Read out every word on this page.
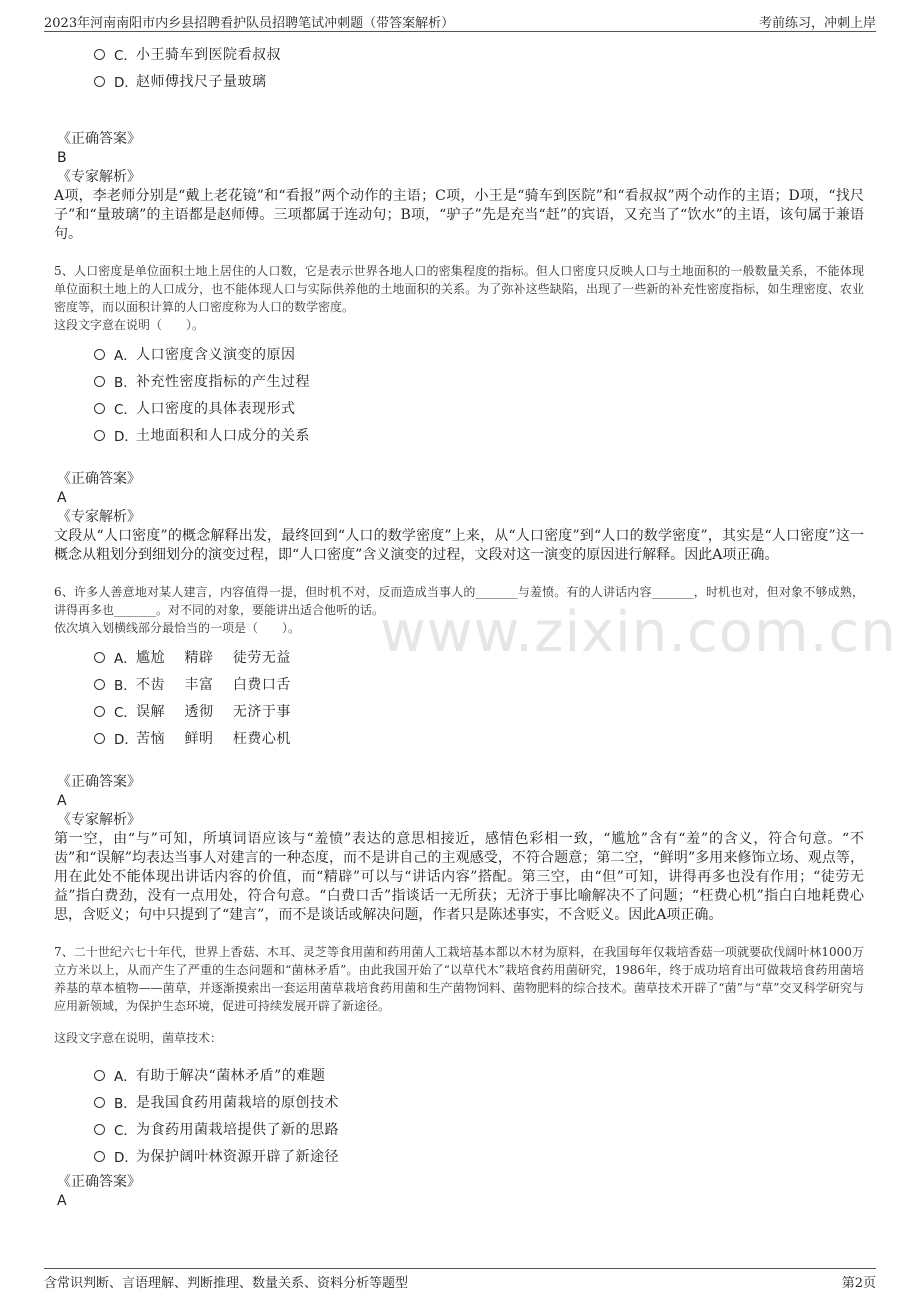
2023年河南南阳市内乡县招聘看护队员招聘笔试冲刺题（带答案解析）	考前练习，冲刺上岸
www.zixin.com.cn
C． 小王骑车到医院看叔叔
D．
赵师傅找尺子量玻璃
《正确答案》
B
《专家解析》
A项，李老师分别是“戴上老花镜”和“看报”两个动作的主语；C项，小王是“骑车到医院”和“看叔叔”两个动作的主语；D项，“找尺子”和“量玻璃”的主语都是赵师傅。三项都属于连动句；B项，“驴子”先是充当“赶”的宾语，又充当了“饮水”的主语，该句属于兼语句。
5、人口密度是单位面积土地上居住的人口数，它是表示世界各地人口的密集程度的指标。但人口密度只反映人口与土地面积的一般数量关系，不能体现单位面积土地上的人口成分，也不能体现人口与实际供养他的土地面积的关系。为了弥补这些缺陷，出现了一些新的补充性密度指标，如生理密度、农业密度等，而以面积计算的人口密度称为人口的数学密度。
这段文字意在说明（　　）。
A． 人口密度含义演变的原因
B． 补充性密度指标的产生过程
C． 人口密度的具体表现形式
D．
土地面积和人口成分的关系
《正确答案》
A
《专家解析》
文段从“人口密度”的概念解释出发，最终回到“人口的数学密度”上来，从“人口密度”到“人口的数学密度”，其实是“人口密度”这一概念从粗划分到细划分的演变过程，即“人口密度”含义演变的过程，文段对这一演变的原因进行解释。因此A项正确。
6、许多人善意地对某人建言，内容值得一提，但时机不对，反而造成当事人的_______与羞愤。有的人讲话内容_______，时机也对，但对象不够成熟，讲得再多也_______。对不同的对象，要能讲出适合他听的话。
依次填入划横线部分最恰当的一项是（　　）。
A． 尴尬　 精辟　 徒劳无益
B． 不齿　 丰富　 白费口舌
C． 误解　 透彻　 无济于事
D．
苦恼　 鲜明　 枉费心机
《正确答案》
A
《专家解析》
第一空，由“与”可知，所填词语应该与“羞愤”表达的意思相接近，感情色彩相一致，“尴尬”含有“羞”的含义，符合句意。“不齿”和“误解”均表达当事人对建言的一种态度，而不是讲自己的主观感受，不符合题意；第二空，“鲜明”多用来修饰立场、观点等，用在此处不能体现出讲话内容的价值，而“精辟”可以与“讲话内容”搭配。第三空，由“但”可知，讲得再多也没有作用；“徒劳无益”指白费劲，没有一点用处，符合句意。“白费口舌”指谈话一无所获；无济于事比喻解决不了问题；“枉费心机”指白白地耗费心思，含贬义；句中只提到了“建言”，而不是谈话或解决问题，作者只是陈述事实，不含贬义。因此A项正确。
7、二十世纪六七十年代，世界上香菇、木耳、灵芝等食用菌和药用菌人工栽培基本都以木材为原料，在我国每年仅栽培香菇一项就要砍伐阔叶林1000万立方米以上，从而产生了严重的生态问题和“菌林矛盾”。由此我国开始了“以草代木”栽培食药用菌研究，1986年，终于成功培育出可做栽培食药用菌培养基的草本植物——菌草，并逐渐摸索出一套运用菌草栽培食药用菌和生产菌物饲料、菌物肥料的综合技术。菌草技术开辟了“菌”与“草”交叉科学研究与应用新领域，为保护生态环境，促进可持续发展开辟了新途径。
这段文字意在说明，菌草技术：
A． 有助于解决“菌林矛盾”的难题
B． 是我国食药用菌栽培的原创技术
C． 为食药用菌栽培提供了新的思路
D．
为保护阔叶林资源开辟了新途径
《正确答案》
A
含常识判断、言语理解、判断推理、数量关系、资料分析等题型	第2页
